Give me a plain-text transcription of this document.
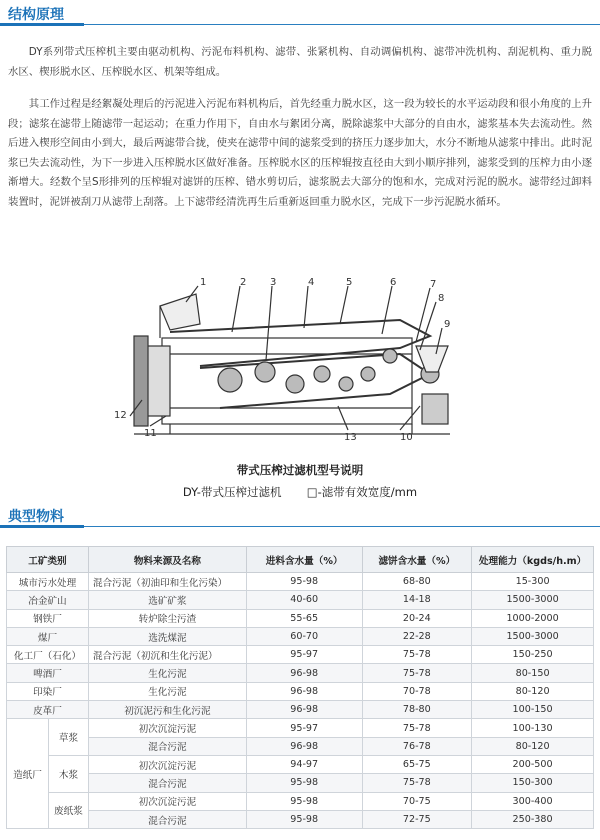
结构原理

DY系列带式压榨机主要由驱动机构、污泥布料机构、滤带、张紧机构、自动调偏机构、滤带冲洗机构、刮泥机构、重力脱水区、楔形脱水区、压榨脱水区、机架等组成。

其工作过程是经絮凝处理后的污泥进入污泥布料机构后，首先经重力脱水区，这一段为较长的水平运动段和很小角度的上升段；滤浆在滤带上随滤带一起运动；在重力作用下，自由水与絮团分离，脱除滤浆中大部分的自由水，滤浆基本失去流动性。然后进入楔形空间由小到大，最后两滤带合拢，使夹在滤带中间的滤浆受到的挤压力逐步加大，水分不断地从滤浆中排出。此时泥浆已失去流动性，为下一步进入压榨脱水区做好准备。压榨脱水区的压榨辊按直径由大到小顺序排列，滤浆受到的压榨力由小逐渐增大。经数个呈S形排列的压榨辊对滤饼的压榨、错水剪切后，滤浆脱去大部分的饱和水，完成对污泥的脱水。滤带经过卸料装置时，泥饼被刮刀从滤带上刮落。上下滤带经清洗再生后重新返回重力脱水区，完成下一步污泥脱水循环。

1	2 3	4	5	6	7
8
9
10
11
12
13
带式压榨过滤机型号说明
DY-带式压榨过滤机 □-滤带有效宽度/mm
典型物料
工矿类别		物料来源及名称	进料含水量（%）	滤饼含水量（%）	处理能力（kgds/h.m）
城市污水处理		混合污泥（初油印和生化污染）	95-98	68-80	15-300
冶金矿山		选矿矿浆	40-60	14-18	1500-3000
钢铁厂		转炉除尘污渣	55-65	20-24	1000-2000
煤厂		选洗煤泥	60-70	22-28	1500-3000
化工厂（石化）		混合污泥（初沉和生化污泥）	95-97	75-78	150-250
啤酒厂		生化污泥	96-98	75-78	80-150
印染厂		生化污泥	96-98	70-78	80-120
皮革厂		初沉泥污和生化污泥	96-98	78-80	100-150
造纸厂	草浆	初次沉淀污泥	95-97	75-78	100-130
		混合污泥	96-98	76-78	80-120
	木浆	初次沉淀污泥	94-97	65-75	200-500
		混合污泥	95-98	75-78	150-300
	废纸浆	初次沉淀污泥	95-98	70-75	300-400
		混合污泥	95-98	72-75	250-380
